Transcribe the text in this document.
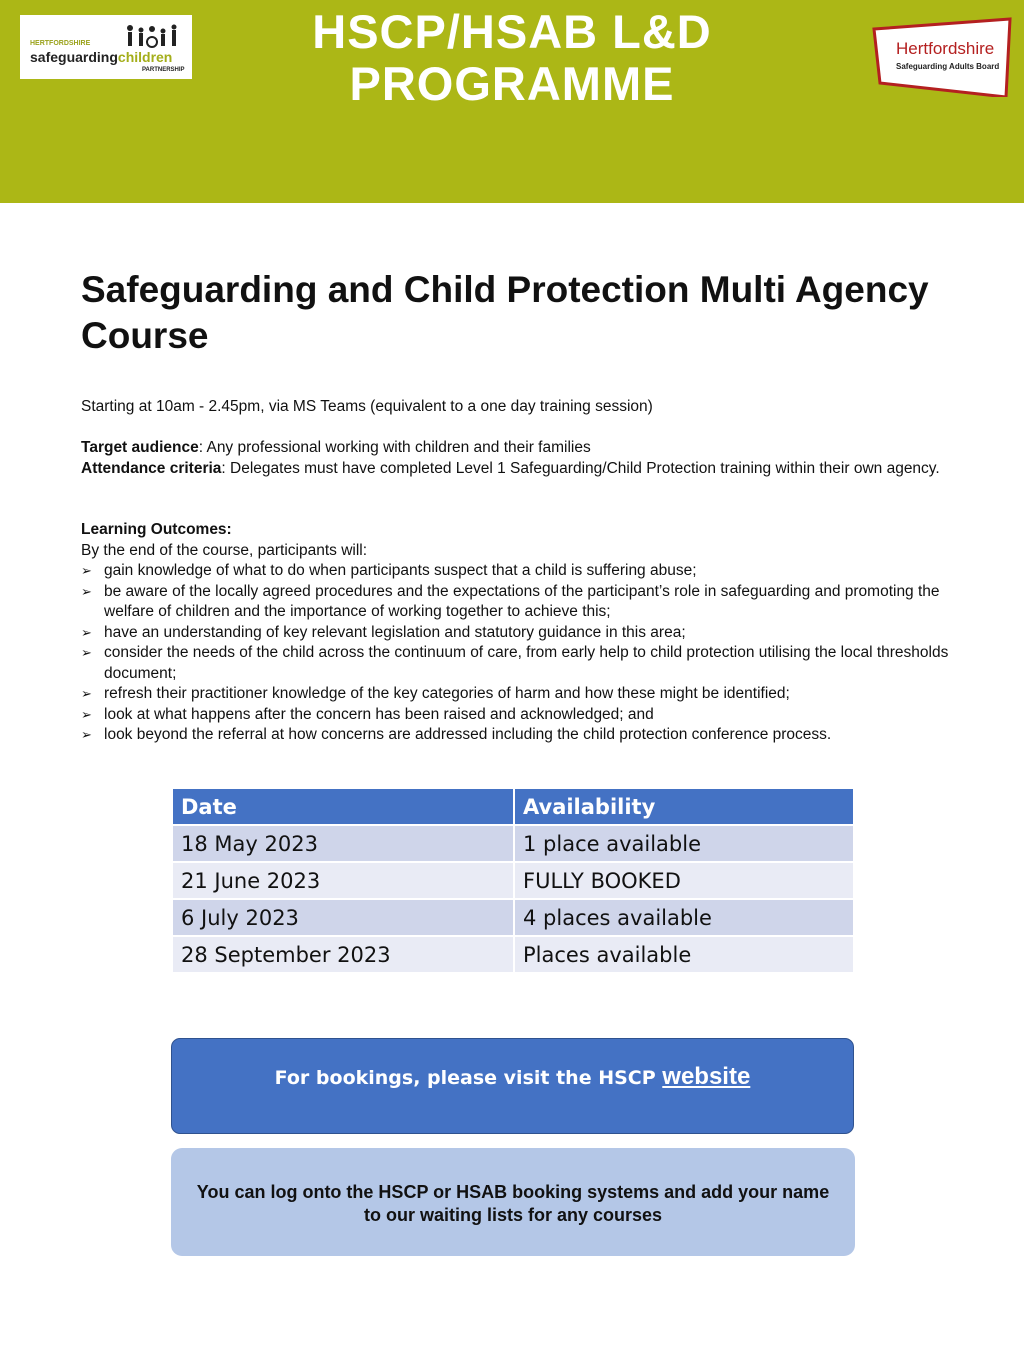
HSCP/HSAB L&D
PROGRAMME
HERTFORDSHIRE
safeguardingchildren
PARTNERSHIP
Hertfordshire
Safeguarding Adults Board
Safeguarding and Child Protection Multi Agency Course
Starting at 10am - 2.45pm, via MS Teams (equivalent to a one day training session)
Target audience: Any professional working with children and their families
Attendance criteria: Delegates must have completed Level 1 Safeguarding/Child Protection training within their own agency.
Learning Outcomes:
By the end of the course, participants will:
➢ gain knowledge of what to do when participants suspect that a child is suffering abuse;
➢ be aware of the locally agreed procedures and the expectations of the participant’s role in safeguarding and promoting the welfare of children and the importance of working together to achieve this;
➢ have an understanding of key relevant legislation and statutory guidance in this area;
➢ consider the needs of the child across the continuum of care, from early help to child protection utilising the local thresholds document;
➢ refresh their practitioner knowledge of the key categories of harm and how these might be identified;
➢ look at what happens after the concern has been raised and acknowledged; and
➢ look beyond the referral at how concerns are addressed including the child protection conference process.
Date	Availability
18 May 2023	1 place available
21 June 2023	FULLY BOOKED
6 July 2023	4 places available
28 September 2023	Places available
For bookings, please visit the HSCP website
You can log onto the HSCP or HSAB booking systems and add your name to our waiting lists for any courses
